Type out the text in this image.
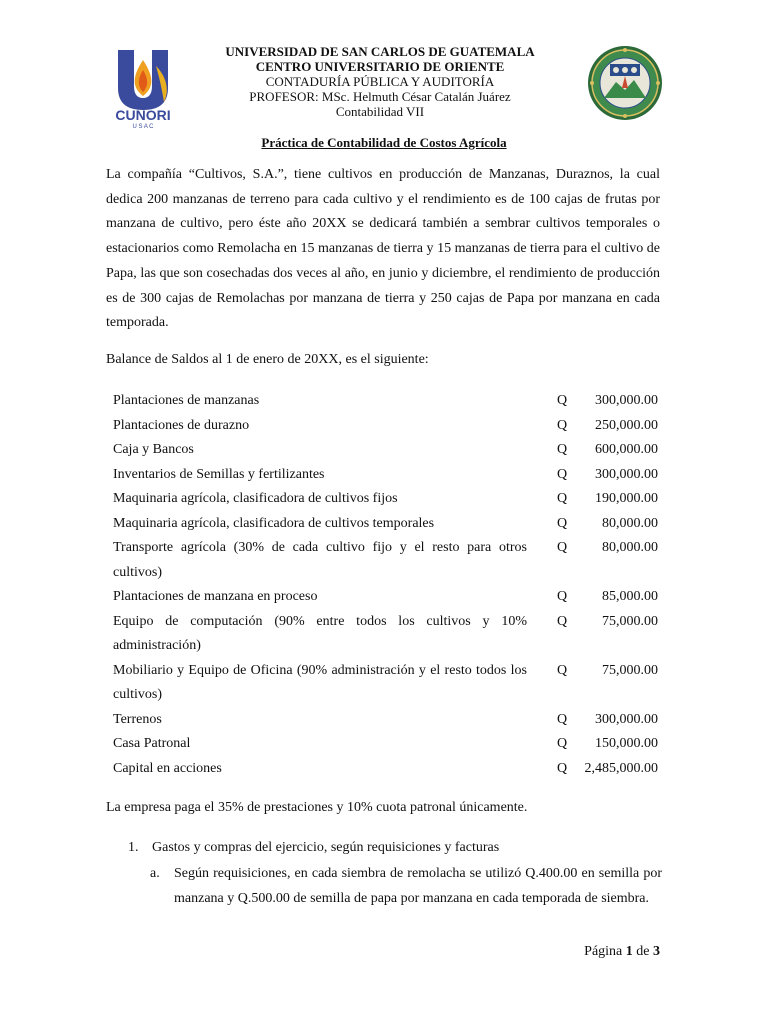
CUNORI
U S A C
UNIVERSIDAD DE SAN CARLOS DE GUATEMALA
CENTRO UNIVERSITARIO DE ORIENTE
CONTADURÍA PÚBLICA Y AUDITORÍA
PROFESOR: MSc. Helmuth César Catalán Juárez
Contabilidad VII
Práctica de Contabilidad de Costos Agrícola
La compañía “Cultivos, S.A.”, tiene cultivos en producción de Manzanas, Duraznos, la cual dedica 200 manzanas de terreno para cada cultivo y el rendimiento es de 100 cajas de frutas por manzana de cultivo, pero éste año 20XX se dedicará también a sembrar cultivos temporales o estacionarios como Remolacha en 15 manzanas de tierra y 15 manzanas de tierra para el cultivo de Papa, las que son cosechadas dos veces al año, en junio y diciembre, el rendimiento de producción es de 300 cajas de Remolachas por manzana de tierra y 250 cajas de Papa por manzana en cada temporada.
Balance de Saldos al 1 de enero de 20XX, es el siguiente:
Plantaciones de manzanas	Q	300,000.00
Plantaciones de durazno	Q	250,000.00
Caja y Bancos	Q	600,000.00
Inventarios de Semillas y fertilizantes	Q	300,000.00
Maquinaria agrícola, clasificadora de cultivos fijos	Q	190,000.00
Maquinaria agrícola, clasificadora de cultivos temporales	Q	80,000.00
Transporte agrícola (30% de cada cultivo fijo y el resto para otros cultivos)	Q	80,000.00
Plantaciones de manzana en proceso	Q	85,000.00
Equipo de computación (90% entre todos los cultivos y 10% administración)	Q	75,000.00
Mobiliario y Equipo de Oficina (90% administración y el resto todos los cultivos)	Q	75,000.00
Terrenos	Q	300,000.00
Casa Patronal	Q	150,000.00
Capital en acciones	Q	2,485,000.00
La empresa paga el 35% de prestaciones y 10% cuota patronal únicamente.
1. Gastos y compras del ejercicio, según requisiciones y facturas
a. Según requisiciones, en cada siembra de remolacha se utilizó Q.400.00 en semilla por manzana y Q.500.00 de semilla de papa por manzana en cada temporada de siembra.
Página 1 de 3
